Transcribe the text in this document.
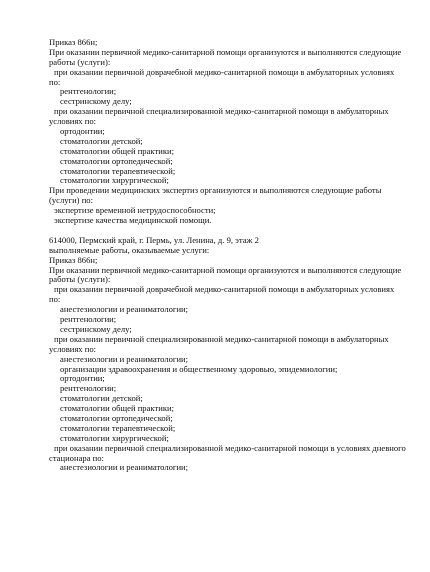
Приказ 866н;
При оказании первичной медико-санитарной помощи организуются и выполняются следующие
работы (услуги):
при оказании первичной доврачебной медико-санитарной помощи в амбулаторных условиях
по:
рентгенологии;
сестринскому делу;
при оказании первичной специализированной медико-санитарной помощи в амбулаторных
условиях по:
ортодонтии;
стоматологии детской;
стоматологии общей практики;
стоматологии ортопедической;
стоматологии терапевтической;
стоматологии хирургической;
При проведении медицинских экспертиз организуются и выполняются следующие работы
(услуги) по:
экспертизе временной нетрудоспособности;
экспертизе качества медицинской помощи.
614000, Пермский край, г. Пермь, ул. Ленина, д. 9, этаж 2
выполняемые работы, оказываемые услуги:
Приказ 866н;
При оказании первичной медико-санитарной помощи организуются и выполняются следующие
работы (услуги):
при оказании первичной доврачебной медико-санитарной помощи в амбулаторных условиях
по:
анестезиологии и реаниматологии;
рентгенологии;
сестринскому делу;
при оказании первичной специализированной медико-санитарной помощи в амбулаторных
условиях по:
анестезиологии и реаниматологии;
организации здравоохранения и общественному здоровью, эпидемиологии;
ортодонтии;
рентгенологии;
стоматологии детской;
стоматологии общей практики;
стоматологии ортопедической;
стоматологии терапевтической;
стоматологии хирургической;
при оказании первичной специализированной медико-санитарной помощи в условиях дневного
стационара по:
анестезиологии и реаниматологии;
